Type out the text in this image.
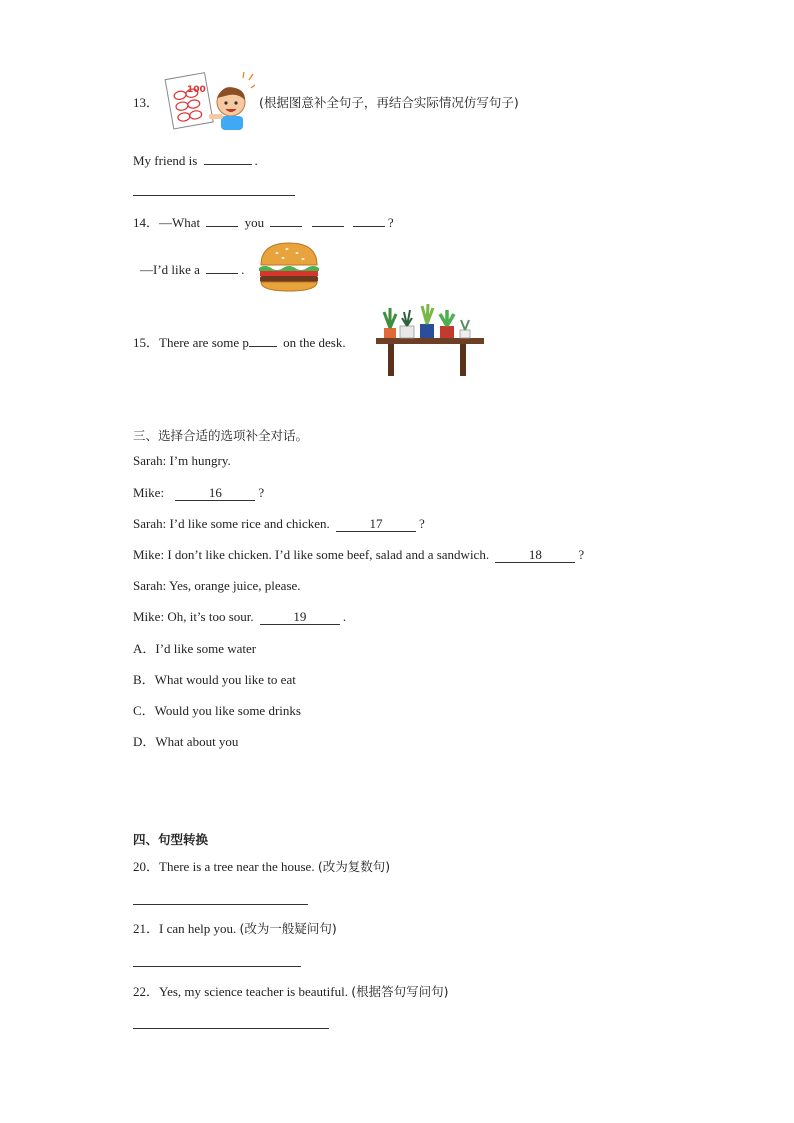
13．
100
(根据图意补全句子，再结合实际情况仿写句子)
My friend is	.
14．—What	you	?
—I’d like a	.
15．There are some p	on the desk.
三、选择合适的选项补全对话。
Sarah: I’m hungry.
Mike:	16	?
Sarah: I’d like some rice and chicken.	17	?
Mike: I don’t like chicken. I’d like some beef, salad and a sandwich.	18	?
Sarah: Yes, orange juice, please.
Mike: Oh, it’s too sour.	19	.
A．I’d like some water
B．What would you like to eat
C．Would you like some drinks
D．What about you
四、句型转换
20．There is a tree near the house. (改为复数句)
21．I can help you. (改为一般疑问句)
22．Yes, my science teacher is beautiful. (根据答句写问句)
